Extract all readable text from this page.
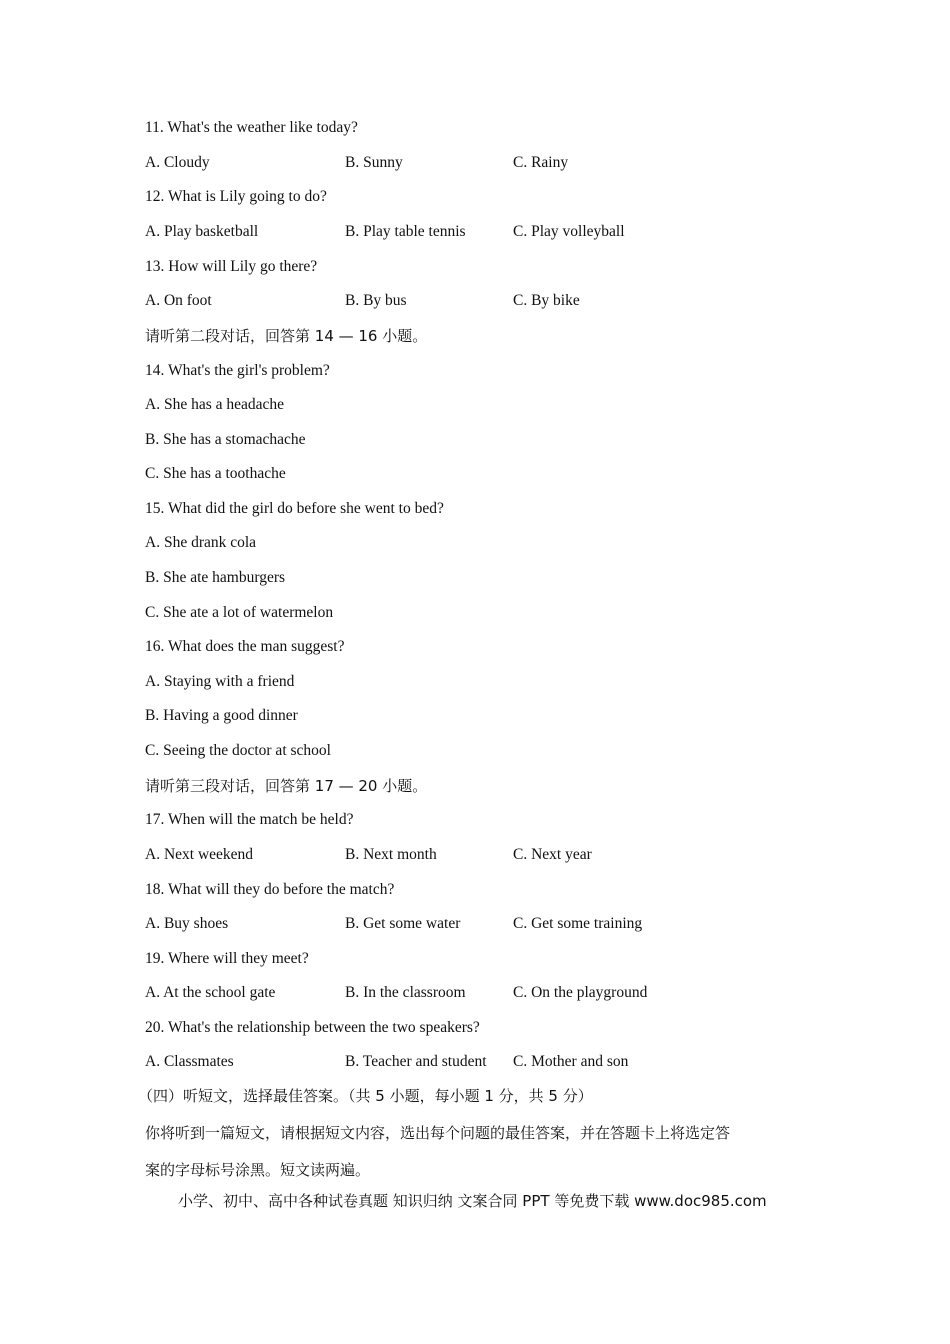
11. What's the weather like today?
A. Cloudy	B. Sunny	C. Rainy
12. What is Lily going to do?
A. Play basketball	B. Play table tennis	C. Play volleyball
13. How will Lily go there?
A. On foot	B. By bus	C. By bike
请听第二段对话，回答第 14 — 16 小题。
14. What's the girl's problem?
A. She has a headache
B. She has a stomachache
C. She has a toothache
15. What did the girl do before she went to bed?
A. She drank cola
B. She ate hamburgers
C. She ate a lot of watermelon
16. What does the man suggest?
A. Staying with a friend
B. Having a good dinner
C. Seeing the doctor at school
请听第三段对话，回答第 17 — 20 小题。
17. When will the match be held?
A. Next weekend	B. Next month	C. Next year
18. What will they do before the match?
A. Buy shoes	B. Get some water	C. Get some training
19. Where will they meet?
A. At the school gate	B. In the classroom	C. On the playground
20. What's the relationship between the two speakers?
A. Classmates	B. Teacher and student C. Mother and son
（四）听短文，选择最佳答案。（共 5 小题，每小题 1 分，共 5 分）
你将听到一篇短文，请根据短文内容，选出每个问题的最佳答案，并在答题卡上将选定答
案的字母标号涂黑。短文读两遍。
小学、初中、高中各种试卷真题 知识归纳 文案合同 PPT 等免费下载 www.doc985.com
